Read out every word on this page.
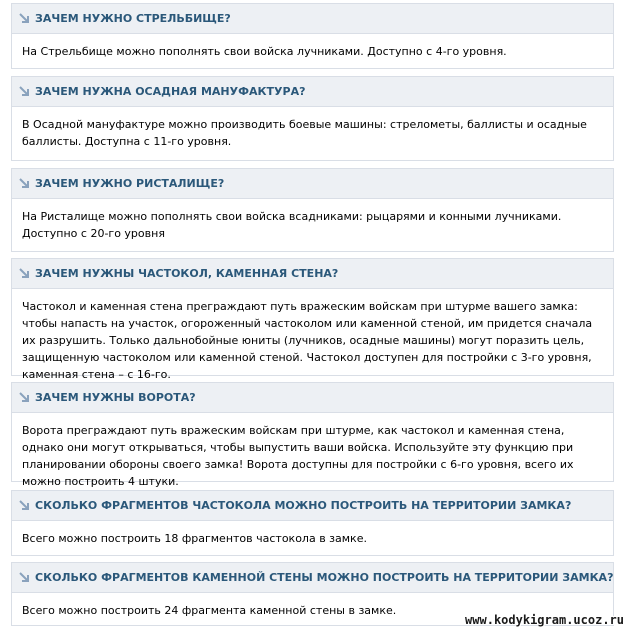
ЗАЧЕМ НУЖНО СТРЕЛЬБИЩЕ?
На Стрельбище можно пополнять свои войска лучниками. Доступно с 4-го уровня.
ЗАЧЕМ НУЖНА ОСАДНАЯ МАНУФАКТУРА?
В Осадной мануфактуре можно производить боевые машины: стрелометы, баллисты и осадные баллисты. Доступна с 11-го уровня.
ЗАЧЕМ НУЖНО РИСТАЛИЩЕ?
На Ристалище можно пополнять свои войска всадниками: рыцарями и конными лучниками. Доступно с 20-го уровня
ЗАЧЕМ НУЖНЫ ЧАСТОКОЛ, КАМЕННАЯ СТЕНА?
Частокол и каменная стена преграждают путь вражеским войскам при штурме вашего замка: чтобы напасть на участок, огороженный частоколом или каменной стеной, им придется сначала их разрушить. Только дальнобойные юниты (лучников, осадные машины) могут поразить цель, защищенную частоколом или каменной стеной. Частокол доступен для постройки с 3-го уровня, каменная стена – с 16-го.
ЗАЧЕМ НУЖНЫ ВОРОТА?
Ворота преграждают путь вражеским войскам при штурме, как частокол и каменная стена, однако они могут открываться, чтобы выпустить ваши войска. Используйте эту функцию при планировании обороны своего замка! Ворота доступны для постройки с 6-го уровня, всего их можно построить 4 штуки.
СКОЛЬКО ФРАГМЕНТОВ ЧАСТОКОЛА МОЖНО ПОСТРОИТЬ НА ТЕРРИТОРИИ ЗАМКА?
Всего можно построить 18 фрагментов частокола в замке.
СКОЛЬКО ФРАГМЕНТОВ КАМЕННОЙ СТЕНЫ МОЖНО ПОСТРОИТЬ НА ТЕРРИТОРИИ ЗАМКА?
Всего можно построить 24 фрагмента каменной стены в замке.
www.kodykigram.ucoz.ru
